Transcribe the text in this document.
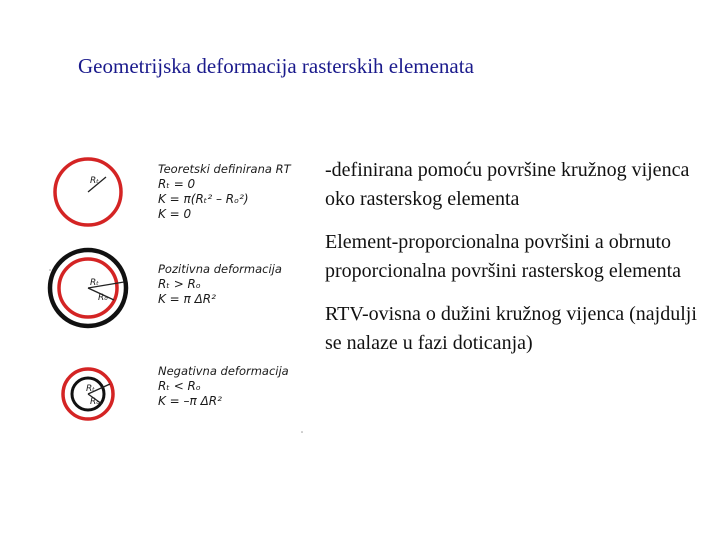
Geometrijska deformacija rasterskih elemenata
Rₜ
Rₜ
Rₒ
Rₜ
Rₒ
Teoretski definirana RT
Rₜ = 0
K = π(Rₜ² – Rₒ²)
K = 0
Pozitivna deformacija
Rₜ > Rₒ
K = π ΔR²
Negativna deformacija
Rₜ < Rₒ
K = –π ΔR²
-definirana pomoću površine kružnog vijenca oko rasterskog elementa
Element-proporcionalna površini a obrnuto proporcionalna površini rasterskog elementa
RTV-ovisna o dužini kružnog vijenca (najdulji se nalaze u fazi doticanja)
